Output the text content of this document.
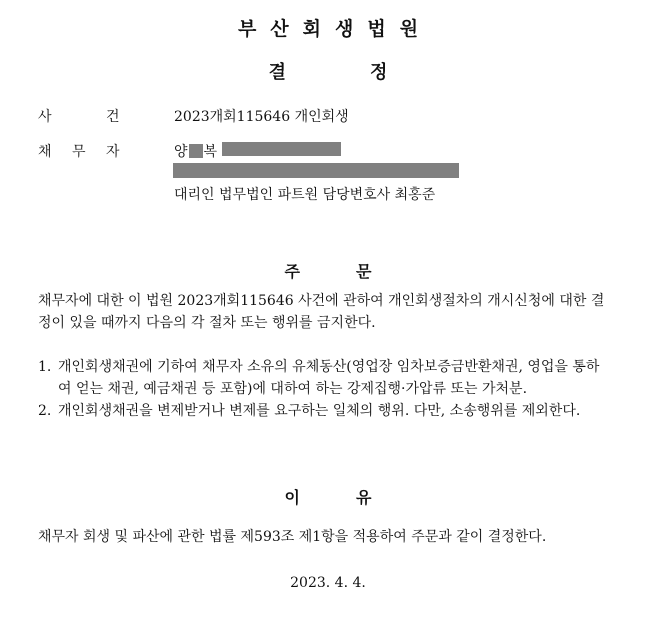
부산회생법원
결	정
사	건	2023개회115646 개인회생
채 무 자	양 복
대리인 법무법인 파트원 담당변호사 최홍준
주	문
채무자에 대한 이 법원 2023개회115646 사건에 관하여 개인회생절차의 개시신청에 대한 결정이 있을 때까지 다음의 각 절차 또는 행위를 금지한다.
1. 개인회생채권에 기하여 채무자 소유의 유체동산(영업장 임차보증금반환채권, 영업을 통하여 얻는 채권, 예금채권 등 포함)에 대하여 하는 강제집행·가압류 또는 가처분.
2. 개인회생채권을 변제받거나 변제를 요구하는 일체의 행위. 다만, 소송행위를 제외한다.
이	유
채무자 회생 및 파산에 관한 법률 제593조 제1항을 적용하여 주문과 같이 결정한다.
2023. 4. 4.
